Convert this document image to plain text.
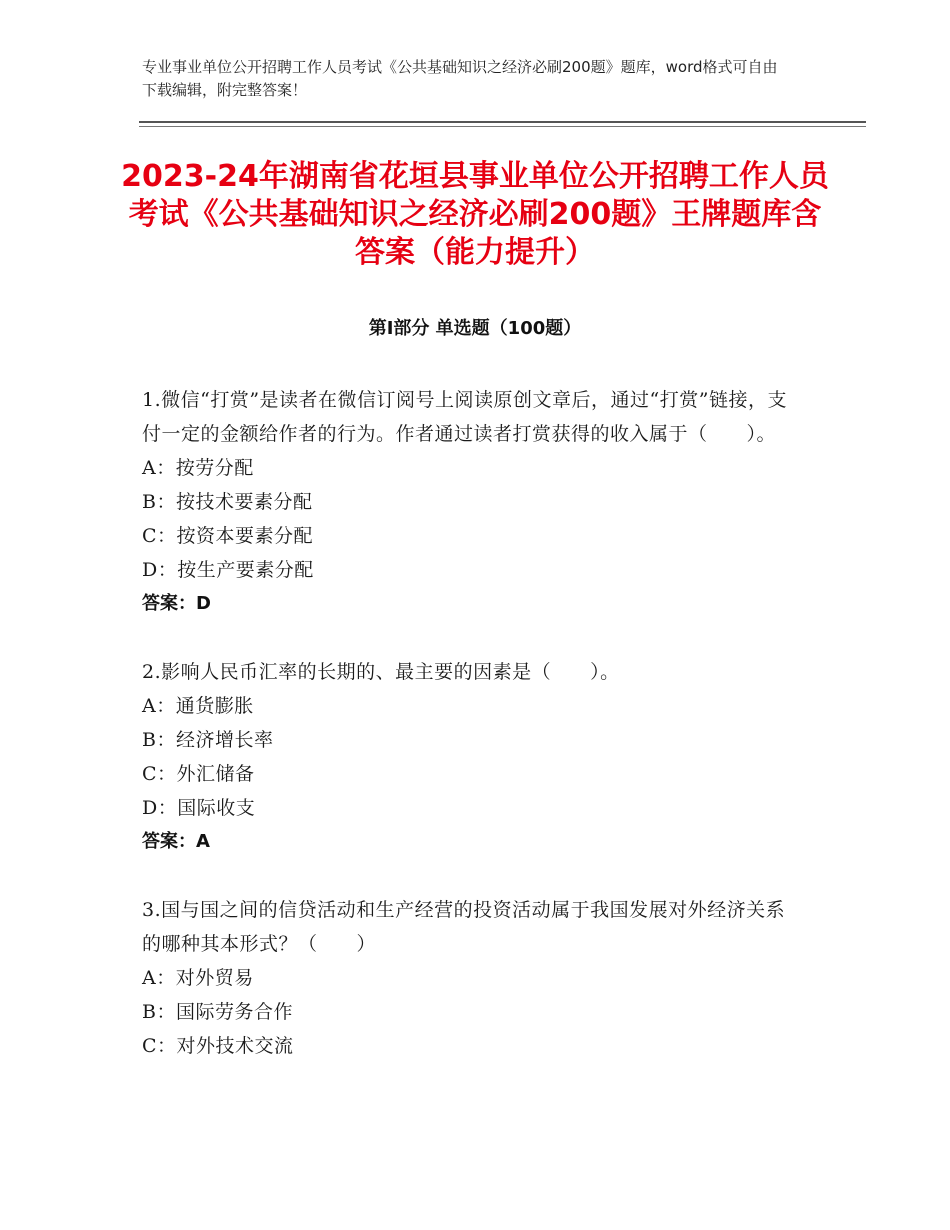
专业事业单位公开招聘工作人员考试《公共基础知识之经济必刷200题》题库，word格式可自由下载编辑，附完整答案！
2023-24年湖南省花垣县事业单位公开招聘工作人员考试《公共基础知识之经济必刷200题》王牌题库含答案（能力提升）
第Ⅰ部分 单选题（100题）
1.微信“打赏”是读者在微信订阅号上阅读原创文章后，通过“打赏”链接，支付一定的金额给作者的行为。作者通过读者打赏获得的收入属于（　　）。
A：按劳分配
B：按技术要素分配
C：按资本要素分配
D：按生产要素分配
答案：D
2.影响人民币汇率的长期的、最主要的因素是（　　）。
A：通货膨胀
B：经济增长率
C：外汇储备
D：国际收支
答案：A
3.国与国之间的信贷活动和生产经营的投资活动属于我国发展对外经济关系的哪种其本形式？（　　）
A：对外贸易
B：国际劳务合作
C：对外技术交流
